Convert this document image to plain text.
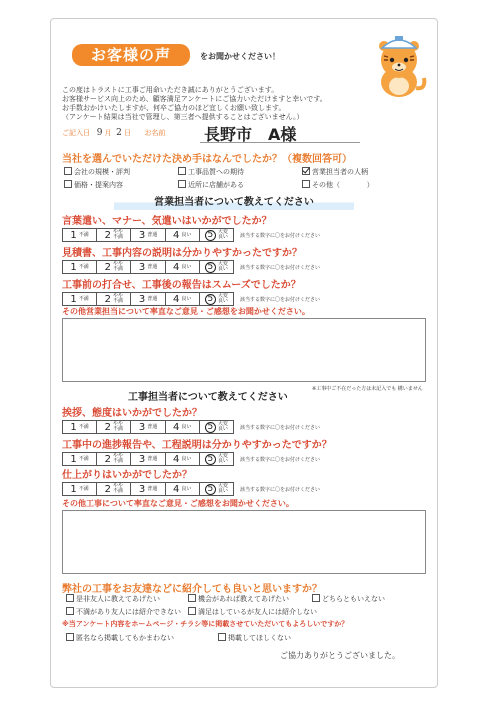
お客様の声	をお聞かせください！
この度はトラストに工事ご用命いただき誠にありがとうございます。
お客様サービス向上のため、顧客満足アンケートにご協力いただけますと幸いです。
お手数おかけいたしますが、何卒ご協力のほど宜しくお願い致します。
（アンケート結果は当社で管理し、第三者へ提供することはございません。）
ご記入日 9 月 2 日 お名前 長野市　A様
当社を選んでいただけた決め手はなんでしたか？（複数回答可）
会社の規模・評判	工事品質への期待	営業担当者の人柄
価格・提案内容	近所に店舗がある	その他（	）
営業担当者について教えてください
言葉遣い、マナー、気遣いはいかがでしたか？
1 不満 2 やや
不満 3 普通 4 良い 5 大変
良い 該当する数字に〇をお付けください
見積書、工事内容の説明は分かりやすかったですか？
1 不満 2 やや
不満 3 普通 4 良い 5 大変
良い 該当する数字に〇をお付けください
工事前の打合せ、工事後の報告はスムーズでしたか？
1 不満 2 やや
不満 3 普通 4 良い 5 大変
良い 該当する数字に〇をお付けください
その他営業担当について率直なご意見・ご感想をお聞かせください。
工事担当者について教えてください
※工事中ご不在だった方は未記入でも 構いません
挨拶、態度はいかがでしたか？
1 不満 2 やや
不満 3 普通 4 良い 5 大変
良い 該当する数字に〇をお付けください
工事中の進捗報告や、工程説明は分かりやすかったですか？
1 不満 2 やや
不満 3 普通 4 良い 5 大変
良い 該当する数字に〇をお付けください
仕上がりはいかがでしたか？
1 不満 2 やや
不満 3 普通 4 良い 5 大変
良い 該当する数字に〇をお付けください
その他工事について率直なご意見・ご感想をお聞かせください。
弊社の工事をお友達などに紹介しても良いと思いますか？
是非友人に教えてあげたい	機会があれば教えてあげたい	どちらともいえない
不満があり友人には紹介できない	満足はしているが友人には紹介しない
※当アンケート内容をホームページ・チラシ等に掲載させていただいてもよろしいですか？
匿名なら掲載してもかまわない	掲載してほしくない
ご協力ありがとうございました。
